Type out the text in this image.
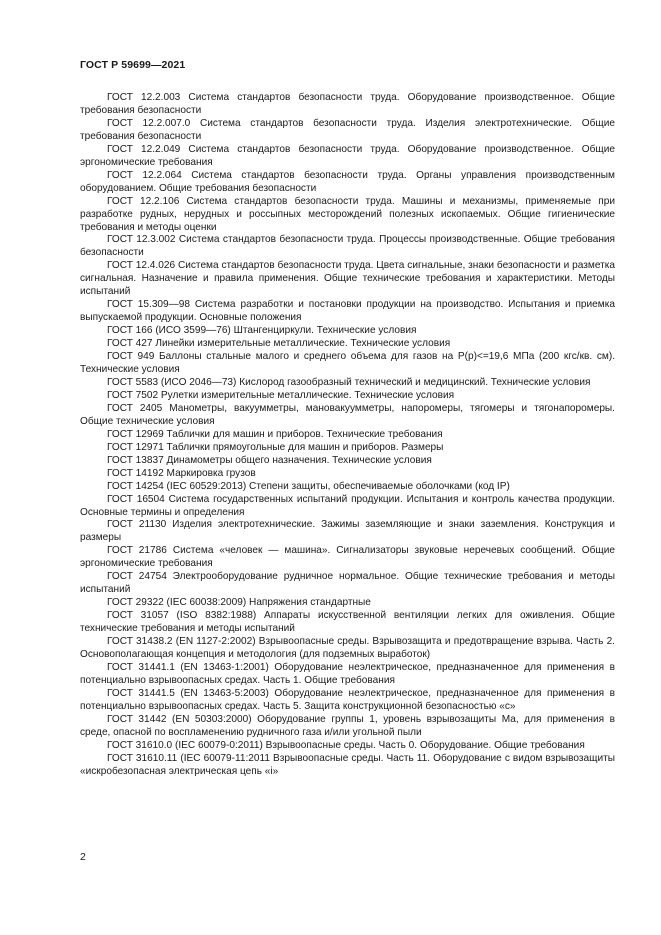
ГОСТ Р 59699—2021

ГОСТ 12.2.003 Система стандартов безопасности труда. Оборудование производственное. Общие требования безопасности

ГОСТ 12.2.007.0 Система стандартов безопасности труда. Изделия электротехнические. Общие требования безопасности

ГОСТ 12.2.049 Система стандартов безопасности труда. Оборудование производственное. Общие эргономические требования

ГОСТ 12.2.064 Система стандартов безопасности труда. Органы управления производственным оборудованием. Общие требования безопасности

ГОСТ 12.2.106 Система стандартов безопасности труда. Машины и механизмы, применяемые при разработке рудных, нерудных и россыпных месторождений полезных ископаемых. Общие гигиенические требования и методы оценки

ГОСТ 12.3.002 Система стандартов безопасности труда. Процессы производственные. Общие требования безопасности

ГОСТ 12.4.026 Система стандартов безопасности труда. Цвета сигнальные, знаки безопасности и разметка сигнальная. Назначение и правила применения. Общие технические требования и характеристики. Методы испытаний

ГОСТ 15.309—98 Система разработки и постановки продукции на производство. Испытания и приемка выпускаемой продукции. Основные положения

ГОСТ 166 (ИСО 3599—76) Штангенциркули. Технические условия

ГОСТ 427 Линейки измерительные металлические. Технические условия

ГОСТ 949 Баллоны стальные малого и среднего объема для газов на P(p)<=19,6 МПа (200 кгс/кв. см). Технические условия

ГОСТ 5583 (ИСО 2046—73) Кислород газообразный технический и медицинский. Технические условия

ГОСТ 7502 Рулетки измерительные металлические. Технические условия

ГОСТ 2405 Манометры, вакуумметры, мановакуумметры, напоромеры, тягомеры и тягонапоромеры. Общие технические условия

ГОСТ 12969 Таблички для машин и приборов. Технические требования

ГОСТ 12971 Таблички прямоугольные для машин и приборов. Размеры

ГОСТ 13837 Динамометры общего назначения. Технические условия

ГОСТ 14192 Маркировка грузов

ГОСТ 14254 (IEC 60529:2013) Степени защиты, обеспечиваемые оболочками (код IP)

ГОСТ 16504 Система государственных испытаний продукции. Испытания и контроль качества продукции. Основные термины и определения

ГОСТ 21130 Изделия электротехнические. Зажимы заземляющие и знаки заземления. Конструкция и размеры

ГОСТ 21786 Система «человек — машина». Сигнализаторы звуковые неречевых сообщений. Общие эргономические требования

ГОСТ 24754 Электрооборудование рудничное нормальное. Общие технические требования и методы испытаний

ГОСТ 29322 (IEC 60038:2009) Напряжения стандартные

ГОСТ 31057 (ISO 8382:1988) Аппараты искусственной вентиляции легких для оживления. Общие технические требования и методы испытаний

ГОСТ 31438.2 (EN 1127-2:2002) Взрывоопасные среды. Взрывозащита и предотвращение взрыва. Часть 2. Основополагающая концепция и методология (для подземных выработок)

ГОСТ 31441.1 (EN 13463-1:2001) Оборудование неэлектрическое, предназначенное для применения в потенциально взрывоопасных средах. Часть 1. Общие требования

ГОСТ 31441.5 (EN 13463-5:2003) Оборудование неэлектрическое, предназначенное для применения в потенциально взрывоопасных средах. Часть 5. Защита конструкционной безопасностью «с»

ГОСТ 31442 (EN 50303:2000) Оборудование группы 1, уровень взрывозащиты Ма, для применения в среде, опасной по воспламенению рудничного газа и/или угольной пыли

ГОСТ 31610.0 (IEC 60079-0:2011) Взрывоопасные среды. Часть 0. Оборудование. Общие требования

ГОСТ 31610.11 (IEC 60079-11:2011 Взрывоопасные среды. Часть 11. Оборудование с видом взрывозащиты «искробезопасная электрическая цепь «i»

2
